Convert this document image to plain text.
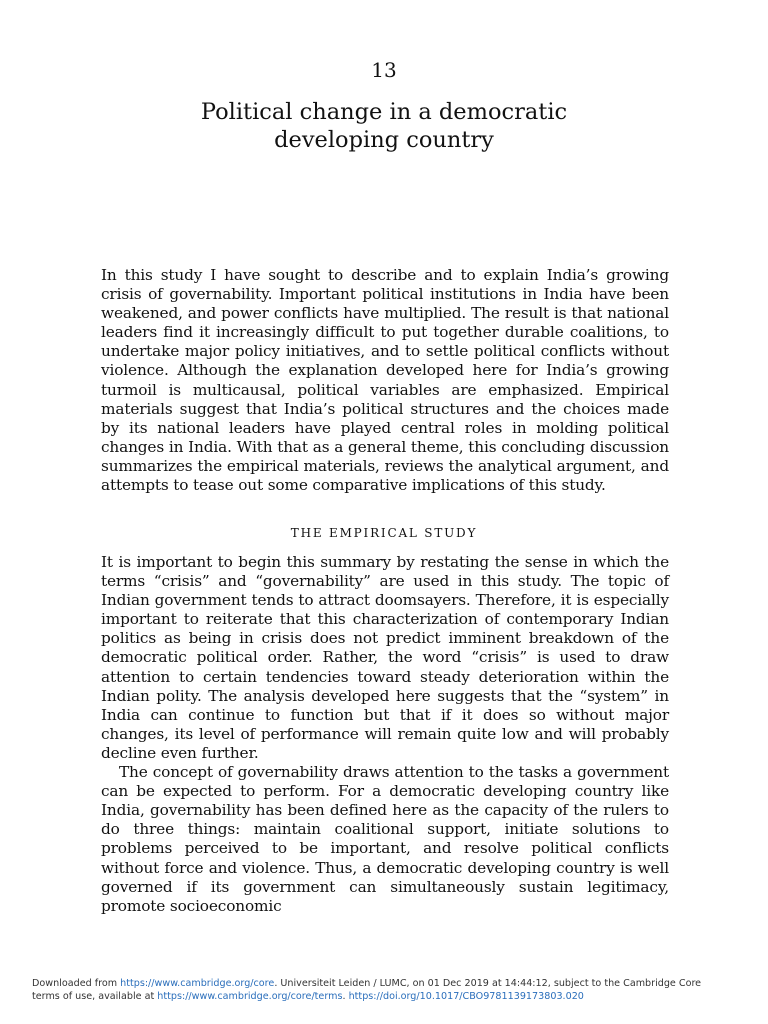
13
Political change in a democratic
developing country

In this study I have sought to describe and to explain India’s growing crisis of governability. Important political institutions in India have been weakened, and power conflicts have multiplied. The result is that national leaders find it increasingly difficult to put together durable coalitions, to undertake major policy initiatives, and to settle political conflicts without violence. Although the explanation developed here for India’s growing turmoil is multicausal, political variables are emphasized. Empirical materials suggest that India’s political structures and the choices made by its national leaders have played central roles in molding political changes in India. With that as a general theme, this concluding discussion summarizes the empirical materials, reviews the analytical argument, and attempts to tease out some comparative implications of this study.

THE EMPIRICAL STUDY

It is important to begin this summary by restating the sense in which the terms “crisis” and “governability” are used in this study. The topic of Indian government tends to attract doomsayers. Therefore, it is especially important to reiterate that this characterization of contemporary Indian politics as being in crisis does not predict imminent breakdown of the democratic political order. Rather, the word “crisis” is used to draw attention to certain tendencies toward steady deterioration within the Indian polity. The analysis developed here suggests that the “system” in India can continue to function but that if it does so without major changes, its level of performance will remain quite low and will probably decline even further.

The concept of governability draws attention to the tasks a government can be expected to perform. For a democratic developing country like India, governability has been defined here as the capacity of the rulers to do three things: maintain coalitional support, initiate solutions to problems perceived to be important, and resolve political conflicts without force and violence. Thus, a democratic developing country is well governed if its government can simultaneously sustain legitimacy, promote socioeconomic

Downloaded from https://www.cambridge.org/core. Universiteit Leiden / LUMC, on 01 Dec 2019 at 14:44:12, subject to the Cambridge Core
terms of use, available at https://www.cambridge.org/core/terms. https://doi.org/10.1017/CBO9781139173803.020
